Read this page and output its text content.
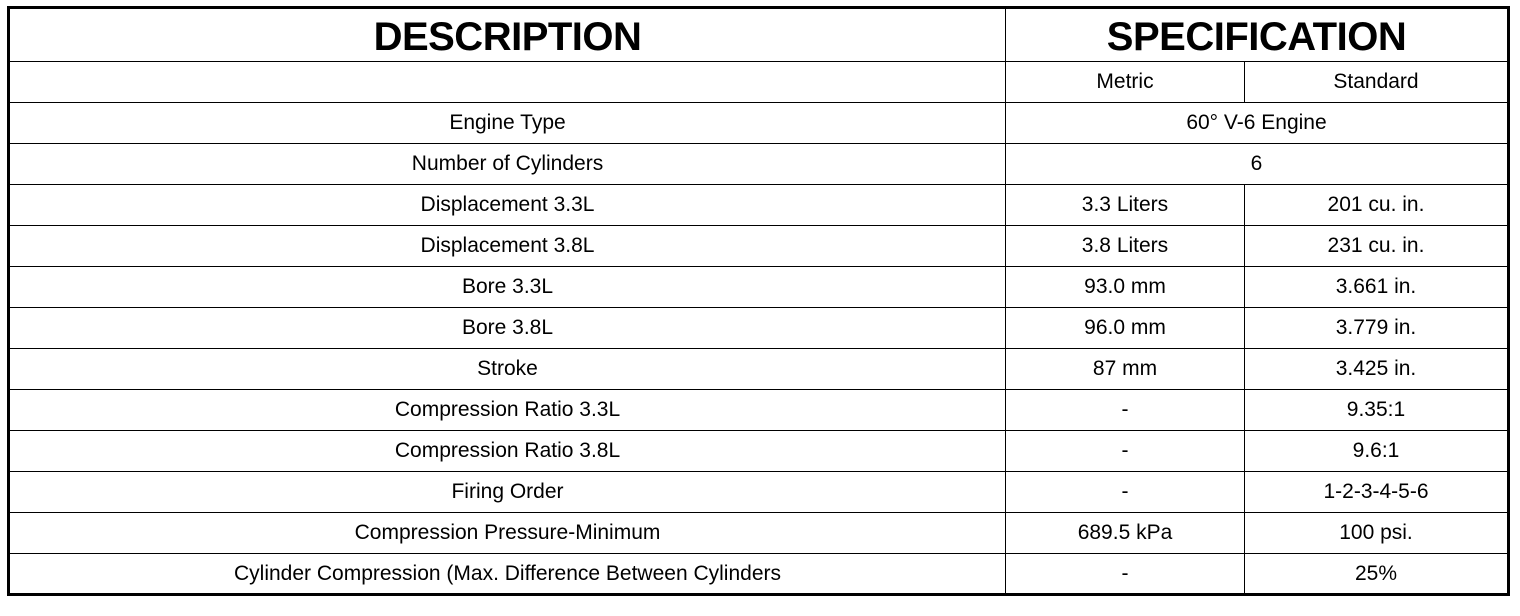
DESCRIPTION	SPECIFICATION	
	Metric	Standard
Engine Type	60° V-6 Engine	
Number of Cylinders	6	
Displacement 3.3L	3.3 Liters	201 cu. in.
Displacement 3.8L	3.8 Liters	231 cu. in.
Bore 3.3L	93.0 mm	3.661 in.
Bore 3.8L	96.0 mm	3.779 in.
Stroke	87 mm	3.425 in.
Compression Ratio 3.3L	-	9.35:1
Compression Ratio 3.8L	-	9.6:1
Firing Order	-	1-2-3-4-5-6
Compression Pressure-Minimum	689.5 kPa	100 psi.
Cylinder Compression (Max. Difference Between Cylinders	-	25%
